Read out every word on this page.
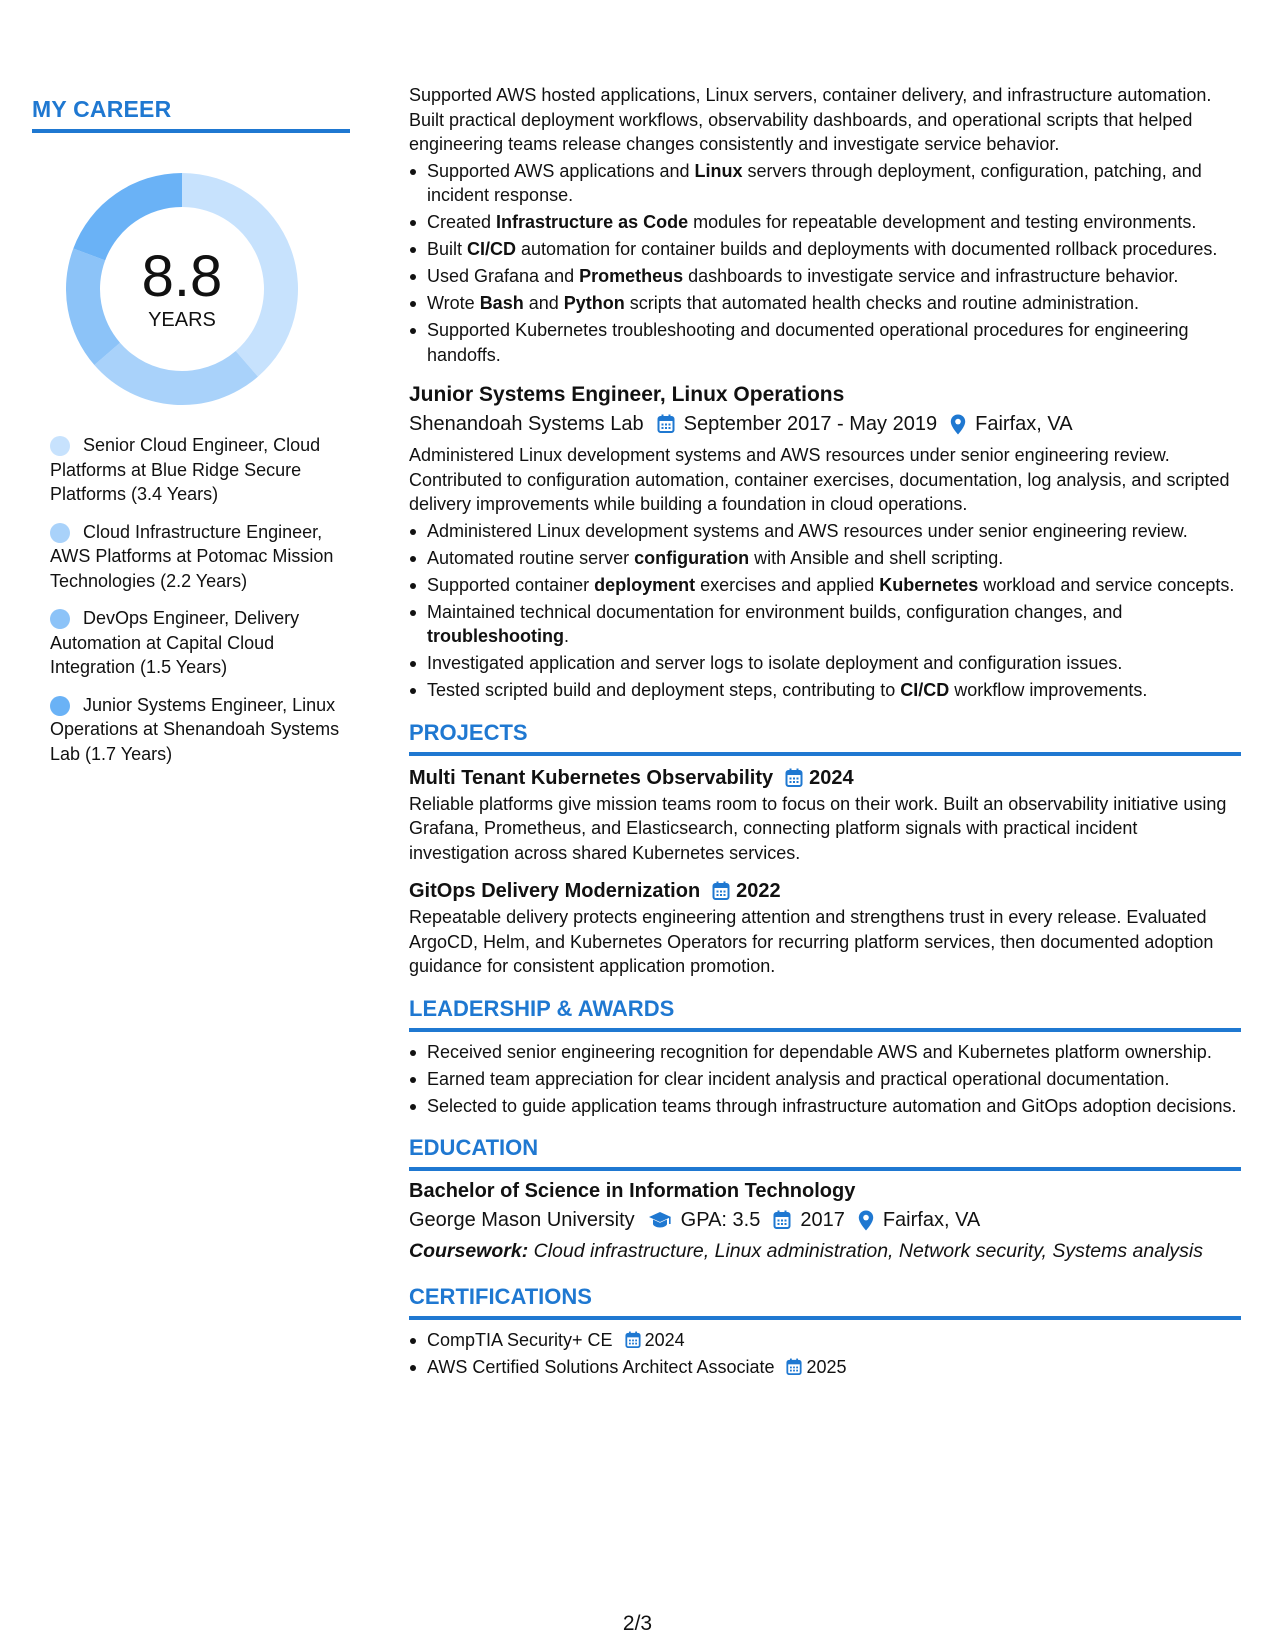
MY CAREER
8.8
YEARS
Senior Cloud Engineer, Cloud Platforms at Blue Ridge Secure Platforms (3.4 Years)
Cloud Infrastructure Engineer, AWS Platforms at Potomac Mission Technologies (2.2 Years)
DevOps Engineer, Delivery Automation at Capital Cloud Integration (1.5 Years)
Junior Systems Engineer, Linux Operations at Shenandoah Systems Lab (1.7 Years)

Supported AWS hosted applications, Linux servers, container delivery, and infrastructure automation. Built practical deployment workflows, observability dashboards, and operational scripts that helped engineering teams release changes consistently and investigate service behavior.

Supported AWS applications and Linux servers through deployment, configuration, patching, and incident response.
Created Infrastructure as Code modules for repeatable development and testing environments.
Built CI/CD automation for container builds and deployments with documented rollback procedures.
Used Grafana and Prometheus dashboards to investigate service and infrastructure behavior.
Wrote Bash and Python scripts that automated health checks and routine administration.
Supported Kubernetes troubleshooting and documented operational procedures for engineering handoffs.
Junior Systems Engineer, Linux Operations
Shenandoah Systems Lab September 2017 - May 2019 Fairfax, VA

Administered Linux development systems and AWS resources under senior engineering review. Contributed to configuration automation, container exercises, documentation, log analysis, and scripted delivery improvements while building a foundation in cloud operations.

Administered Linux development systems and AWS resources under senior engineering review.
Automated routine server configuration with Ansible and shell scripting.
Supported container deployment exercises and applied Kubernetes workload and service concepts.
Maintained technical documentation for environment builds, configuration changes, and troubleshooting.
Investigated application and server logs to isolate deployment and configuration issues.
Tested scripted build and deployment steps, contributing to CI/CD workflow improvements.
PROJECTS
Multi Tenant Kubernetes Observability 2024

Reliable platforms give mission teams room to focus on their work. Built an observability initiative using Grafana, Prometheus, and Elasticsearch, connecting platform signals with practical incident investigation across shared Kubernetes services.

GitOps Delivery Modernization 2022

Repeatable delivery protects engineering attention and strengthens trust in every release. Evaluated ArgoCD, Helm, and Kubernetes Operators for recurring platform services, then documented adoption guidance for consistent application promotion.

LEADERSHIP & AWARDS
Received senior engineering recognition for dependable AWS and Kubernetes platform ownership.
Earned team appreciation for clear incident analysis and practical operational documentation.
Selected to guide application teams through infrastructure automation and GitOps adoption decisions.
EDUCATION
Bachelor of Science in Information Technology
George Mason University GPA: 3.5 2017 Fairfax, VA
Coursework: Cloud infrastructure, Linux administration, Network security, Systems analysis
CERTIFICATIONS
CompTIA Security+ CE 2024
AWS Certified Solutions Architect Associate 2025
2/3
